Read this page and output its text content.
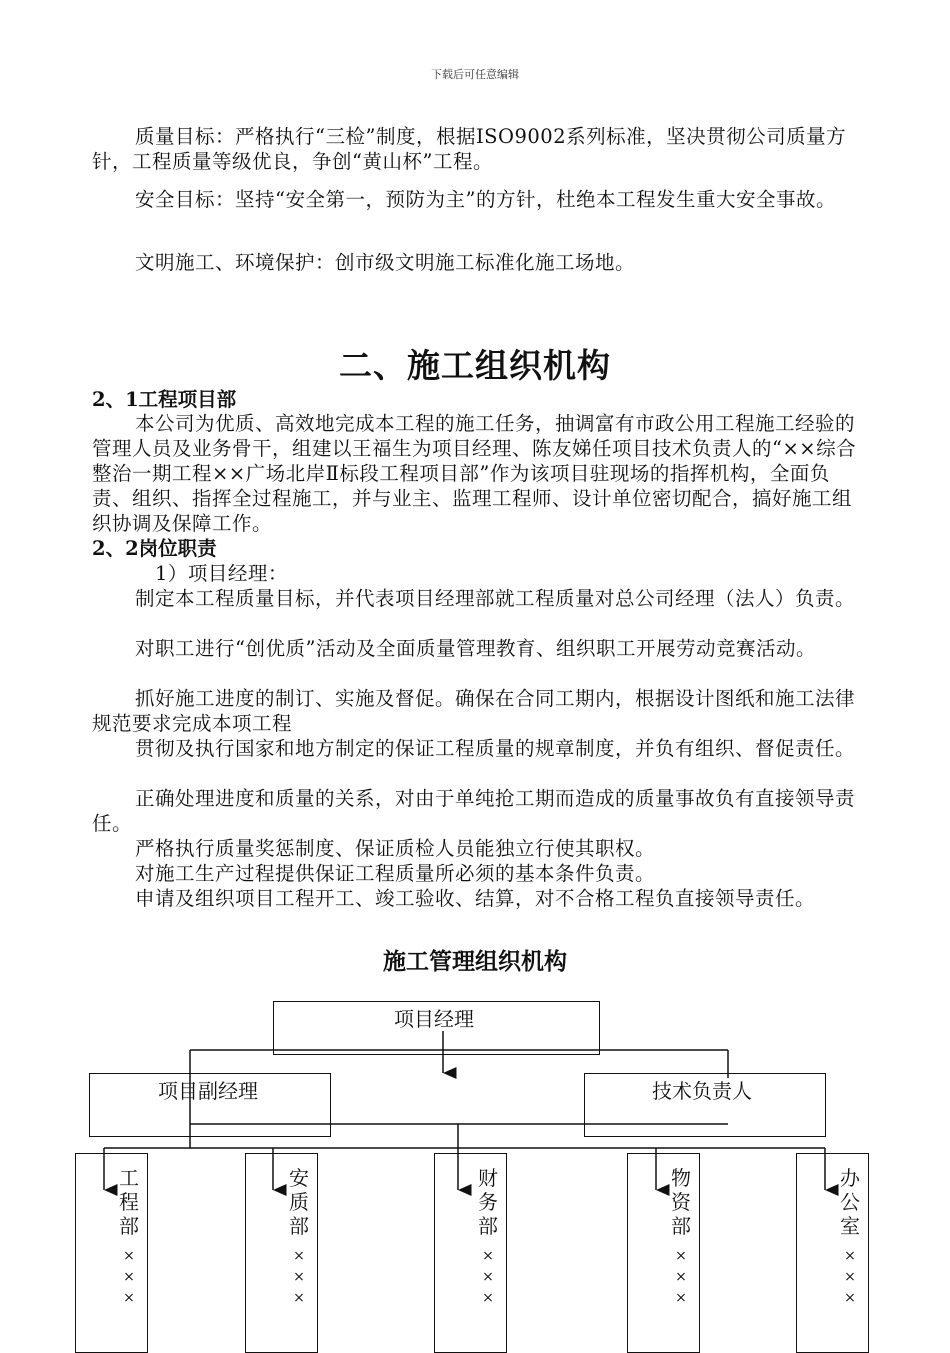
下载后可任意编辑

质量目标：严格执行“三检”制度，根据ISO9002系列标准，坚决贯彻公司质量方针，工程质量等级优良，争创“黄山杯”工程。

安全目标：坚持“安全第一，预防为主”的方针，杜绝本工程发生重大安全事故。

文明施工、环境保护：创市级文明施工标准化施工场地。

二、施工组织机构
2、1工程项目部

本公司为优质、高效地完成本工程的施工任务，抽调富有市政公用工程施工经验的管理人员及业务骨干，组建以王福生为项目经理、陈友娣任项目技术负责人的“××综合整治一期工程××广场北岸Ⅱ标段工程项目部”作为该项目驻现场的指挥机构，全面负责、组织、指挥全过程施工，并与业主、监理工程师、设计单位密切配合，搞好施工组织协调及保障工作。

2、2岗位职责
1）项目经理：

制定本工程质量目标，并代表项目经理部就工程质量对总公司经理（法人）负责。

对职工进行“创优质”活动及全面质量管理教育、组织职工开展劳动竞赛活动。

抓好施工进度的制订、实施及督促。确保在合同工期内，根据设计图纸和施工法律规范要求完成本项工程

贯彻及执行国家和地方制定的保证工程质量的规章制度，并负有组织、督促责任。

正确处理进度和质量的关系，对由于单纯抢工期而造成的质量事故负有直接领导责任。

严格执行质量奖惩制度、保证质检人员能独立行使其职权。

对施工生产过程提供保证工程质量所必须的基本条件负责。

申请及组织项目工程开工、竣工验收、结算，对不合格工程负直接领导责任。

施工管理组织机构
项目经理
项目副经理	技术负责人
工
程
部
×
×
×
安
质
部
×
×
×
财
务
部
×
×
×
物
资
部
×
×
×
办
公
室
×
×
×
